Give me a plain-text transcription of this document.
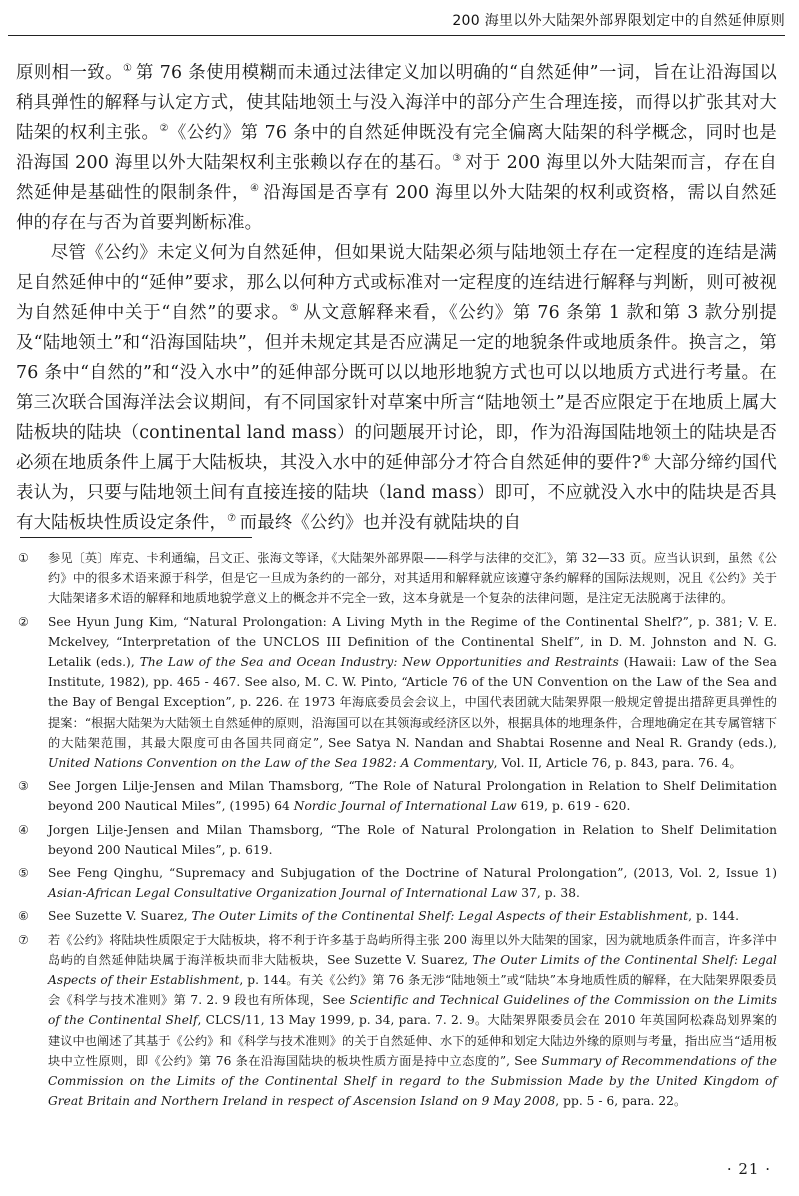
200 海里以外大陆架外部界限划定中的自然延伸原则

原则相一致。① 第 76 条使用模糊而未通过法律定义加以明确的“自然延伸”一词，旨在让沿海国以稍具弹性的解释与认定方式，使其陆地领土与没入海洋中的部分产生合理连接，而得以扩张其对大陆架的权利主张。②《公约》第 76 条中的自然延伸既没有完全偏离大陆架的科学概念，同时也是沿海国 200 海里以外大陆架权利主张赖以存在的基石。③ 对于 200 海里以外大陆架而言，存在自然延伸是基础性的限制条件，④ 沿海国是否享有 200 海里以外大陆架的权利或资格，需以自然延伸的存在与否为首要判断标准。

尽管《公约》未定义何为自然延伸，但如果说大陆架必须与陆地领土存在一定程度的连结是满足自然延伸中的“延伸”要求，那么以何种方式或标准对一定程度的连结进行解释与判断，则可被视为自然延伸中关于“自然”的要求。⑤ 从文意解释来看，《公约》第 76 条第 1 款和第 3 款分别提及“陆地领土”和“沿海国陆块”，但并未规定其是否应满足一定的地貌条件或地质条件。换言之，第 76 条中“自然的”和“没入水中”的延伸部分既可以以地形地貌方式也可以以地质方式进行考量。在第三次联合国海洋法会议期间，有不同国家针对草案中所言“陆地领土”是否应限定于在地质上属大陆板块的陆块（continental land mass）的问题展开讨论，即，作为沿海国陆地领土的陆块是否必须在地质条件上属于大陆板块，其没入水中的延伸部分才符合自然延伸的要件?⑥ 大部分缔约国代表认为，只要与陆地领土间有直接连接的陆块（land mass）即可，不应就没入水中的陆块是否具有大陆板块性质设定条件，⑦ 而最终《公约》也并没有就陆块的自

①	参见〔英〕库克、卡利通编，吕文正、张海文等译，《大陆架外部界限——科学与法律的交汇》，第 32—33 页。应当认识到，虽然《公约》中的很多术语来源于科学，但是它一旦成为条约的一部分，对其适用和解释就应该遵守条约解释的国际法规则，况且《公约》关于大陆架诸多术语的解释和地质地貌学意义上的概念并不完全一致，这本身就是一个复杂的法律问题，是注定无法脱离于法律的。
②	See Hyun Jung Kim, “Natural Prolongation: A Living Myth in the Regime of the Continental Shelf?”, p. 381; V. E. Mckelvey, “Interpretation of the UNCLOS III Definition of the Continental Shelf”, in D. M. Johnston and N. G. Letalik (eds.), The Law of the Sea and Ocean Industry: New Opportunities and Restraints (Hawaii: Law of the Sea Institute, 1982), pp. 465 - 467. See also, M. C. W. Pinto, “Article 76 of the UN Convention on the Law of the Sea and the Bay of Bengal Exception”, p. 226. 在 1973 年海底委员会会议上，中国代表团就大陆架界限一般规定曾提出措辞更具弹性的提案：“根据大陆架为大陆领土自然延伸的原则，沿海国可以在其领海或经济区以外，根据具体的地理条件，合理地确定在其专属管辖下的大陆架范围，其最大限度可由各国共同商定”, See Satya N. Nandan and Shabtai Rosenne and Neal R. Grandy (eds.), United Nations Convention on the Law of the Sea 1982: A Commentary, Vol. II, Article 76, p. 843, para. 76. 4。
③	See Jorgen Lilje-Jensen and Milan Thamsborg, “The Role of Natural Prolongation in Relation to Shelf Delimitation beyond 200 Nautical Miles”, (1995) 64 Nordic Journal of International Law 619, p. 619 - 620.
④	Jorgen Lilje-Jensen and Milan Thamsborg, “The Role of Natural Prolongation in Relation to Shelf Delimitation beyond 200 Nautical Miles”, p. 619.
⑤	See Feng Qinghu, “Supremacy and Subjugation of the Doctrine of Natural Prolongation”, (2013, Vol. 2, Issue 1) Asian-African Legal Consultative Organization Journal of International Law 37, p. 38.
⑥	See Suzette V. Suarez, The Outer Limits of the Continental Shelf: Legal Aspects of their Establishment, p. 144.
⑦	若《公约》将陆块性质限定于大陆板块，将不利于许多基于岛屿所得主张 200 海里以外大陆架的国家，因为就地质条件而言，许多洋中岛屿的自然延伸陆块属于海洋板块而非大陆板块，See Suzette V. Suarez, The Outer Limits of the Continental Shelf: Legal Aspects of their Establishment, p. 144。有关《公约》第 76 条无涉“陆地领土”或“陆块”本身地质性质的解释，在大陆架界限委员会《科学与技术准则》第 7. 2. 9 段也有所体现，See Scientific and Technical Guidelines of the Commission on the Limits of the Continental Shelf, CLCS/11, 13 May 1999, p. 34, para. 7. 2. 9。大陆架界限委员会在 2010 年英国阿松森岛划界案的建议中也阐述了其基于《公约》和《科学与技术准则》的关于自然延伸、水下的延伸和划定大陆边外缘的原则与考量，指出应当“适用板块中立性原则，即《公约》第 76 条在沿海国陆块的板块性质方面是持中立态度的”, See Summary of Recommendations of the Commission on the Limits of the Continental Shelf in regard to the Submission Made by the United Kingdom of Great Britain and Northern Ireland in respect of Ascension Island on 9 May 2008, pp. 5 - 6, para. 22。
· 21 ·
